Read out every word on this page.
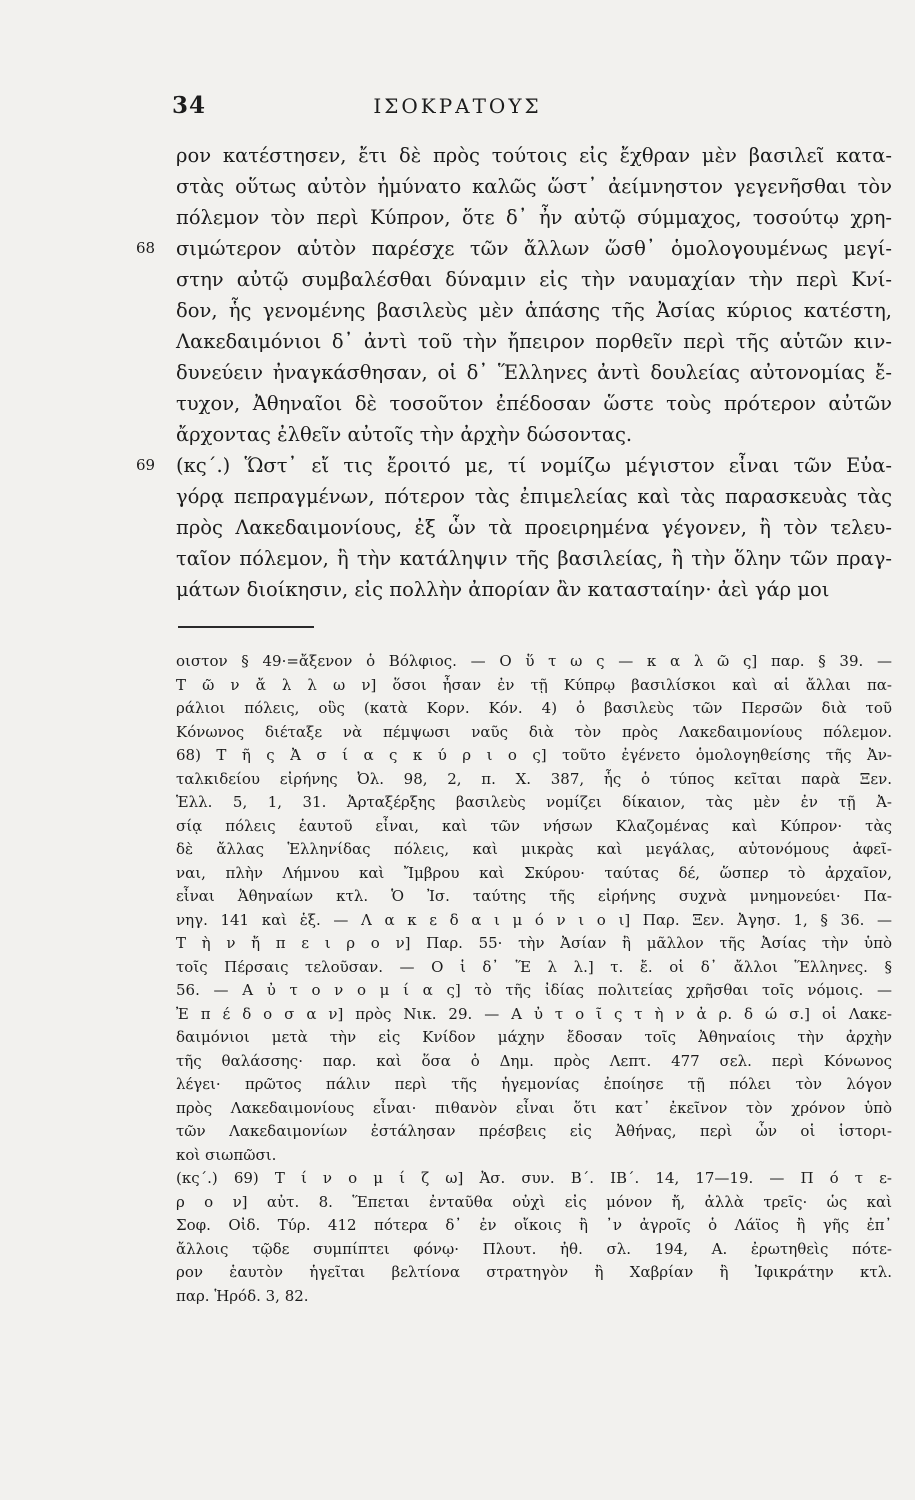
34	ΙΣΟΚΡΑΤΟΥΣ
ρον κατέστησεν, ἔτι δὲ πρὸς τούτοις εἰς ἔχθραν μὲν βασιλεῖ κατα-
στὰς οὕτως αὐτὸν ἠμύνατο καλῶς ὥστ᾽ ἀείμνηστον γεγενῆσθαι τὸν
πόλεμον τὸν περὶ Κύπρον, ὅτε δ᾽ ἦν αὐτῷ σύμμαχος, τοσούτῳ χρη-
68	σιμώτερον αὑτὸν παρέσχε τῶν ἄλλων ὥσθ᾽ ὁμολογουμένως μεγί-
στην αὐτῷ συμβαλέσθαι δύναμιν εἰς τὴν ναυμαχίαν τὴν περὶ Κνί-
δον, ἧς γενομένης βασιλεὺς μὲν ἁπάσης τῆς Ἀσίας κύριος κατέστη,
Λακεδαιμόνιοι δ᾽ ἀντὶ τοῦ τὴν ἤπειρον πορθεῖν περὶ τῆς αὑτῶν κιν-
δυνεύειν ἠναγκάσθησαν, οἱ δ᾽ Ἕλληνες ἀντὶ δουλείας αὐτονομίας ἔ-
τυχον, Ἀθηναῖοι δὲ τοσοῦτον ἐπέδοσαν ὥστε τοὺς πρότερον αὐτῶν
ἄρχοντας ἐλθεῖν αὐτοῖς τὴν ἀρχὴν δώσοντας.
69	(κς΄.) Ὥστ᾽ εἴ τις ἔροιτό με, τί νομίζω μέγιστον εἶναι τῶν Εὐα-
γόρᾳ πεπραγμένων, πότερον τὰς ἐπιμελείας καὶ τὰς παρασκευὰς τὰς
πρὸς Λακεδαιμονίους, ἐξ ὧν τὰ προειρημένα γέγονεν, ἢ τὸν τελευ-
ταῖον πόλεμον, ἢ τὴν κατάληψιν τῆς βασιλείας, ἢ τὴν ὅλην τῶν πραγ-
μάτων διοίκησιν, εἰς πολλὴν ἀπορίαν ἂν κατασταίην· ἀεὶ γάρ μοι
οιστον § 49·=ἄξενον ὁ Βόλφιος. — Ο ὕ τ ω ς — κ α λ ῶ ς] παρ. § 39. —
Τ ῶ ν ἄ λ λ ω ν] ὅσοι ἦσαν ἐν τῇ Κύπρῳ βασιλίσκοι καὶ αἱ ἄλλαι πα-
ράλιοι πόλεις, οὓς (κατὰ Κορν. Κόν. 4) ὁ βασιλεὺς τῶν Περσῶν διὰ τοῦ
Κόνωνος διέταξε νὰ πέμψωσι ναῦς διὰ τὸν πρὸς Λακεδαιμονίους πόλεμον.
68) Τ ῆ ς Ἀ σ ί α ς κ ύ ρ ι ο ς] τοῦτο ἐγένετο ὁμολογηθείσης τῆς Ἀν-
ταλκιδείου εἰρήνης Ὀλ. 98, 2, π. Χ. 387, ἧς ὁ τύπος κεῖται παρὰ Ξεν.
Ἑλλ. 5, 1, 31. Ἀρταξέρξης βασιλεὺς νομίζει δίκαιον, τὰς μὲν ἐν τῇ Ἀ-
σίᾳ πόλεις ἑαυτοῦ εἶναι, καὶ τῶν νήσων Κλαζομένας καὶ Κύπρον· τὰς
δὲ ἄλλας Ἑλληνίδας πόλεις, καὶ μικρὰς καὶ μεγάλας, αὐτονόμους ἀφεῖ-
ναι, πλὴν Λήμνου καὶ Ἴμβρου καὶ Σκύρου· ταύτας δέ, ὥσπερ τὸ ἀρχαῖον,
εἶναι Ἀθηναίων κτλ. Ὁ Ἰσ. ταύτης τῆς εἰρήνης συχνὰ μνημονεύει· Πα-
νηγ. 141 καὶ ἑξ. — Λ α κ ε δ α ι μ ό ν ι ο ι] Παρ. Ξεν. Ἀγησ. 1, § 36. —
Τ ὴ ν ἤ π ε ι ρ ο ν] Παρ. 55· τὴν Ἀσίαν ἢ μᾶλλον τῆς Ἀσίας τὴν ὑπὸ
τοῖς Πέρσαις τελοῦσαν. — Ο ἱ δ᾽ Ἕ λ λ.] τ. ἔ. οἱ δ᾽ ἄλλοι Ἕλληνες. §
56. — Α ὐ τ ο ν ο μ ί α ς] τὸ τῆς ἰδίας πολιτείας χρῆσθαι τοῖς νόμοις. —
Ἐ π έ δ ο σ α ν] πρὸς Νικ. 29. — Α ὐ τ ο ῖ ς τ ὴ ν ἀ ρ. δ ώ σ.] οἱ Λακε-
δαιμόνιοι μετὰ τὴν εἰς Κνίδον μάχην ἔδοσαν τοῖς Ἀθηναίοις τὴν ἀρχὴν
τῆς θαλάσσης· παρ. καὶ ὅσα ὁ Δημ. πρὸς Λεπτ. 477 σελ. περὶ Κόνωνος
λέγει· πρῶτος πάλιν περὶ τῆς ἡγεμονίας ἐποίησε τῇ πόλει τὸν λόγον
πρὸς Λακεδαιμονίους εἶναι· πιθανὸν εἶναι ὅτι κατ᾽ ἐκεῖνον τὸν χρόνον ὑπὸ
τῶν Λακεδαιμονίων ἐστάλησαν πρέσβεις εἰς Ἀθήνας, περὶ ὧν οἱ ἱστορι-
κοὶ σιωπῶσι.
(κς΄.) 69) Τ ί ν ο μ ί ζ ω] Ἀσ. συν. Β΄. ΙΒ΄. 14, 17—19. — Π ό τ ε-
ρ ο ν] αὐτ. 8. Ἕπεται ἐνταῦθα οὐχὶ εἰς μόνον ἤ, ἀλλὰ τρεῖς· ὡς καὶ
Σοφ. Οἰδ. Τύρ. 412 πότερα δ᾽ ἐν οἴκοις ἢ ᾽ν ἀγροῖς ὁ Λάϊος ἢ γῆς ἐπ᾽
ἄλλοις τῷδε συμπίπτει φόνῳ· Πλουτ. ἠθ. σλ. 194, Α. ἐρωτηθεὶς πότε-
ρον ἑαυτὸν ἡγεῖται βελτίονα στρατηγὸν ἢ Χαβρίαν ἢ Ἰφικράτην κτλ.
παρ. Ἡρόδ. 3, 82.
